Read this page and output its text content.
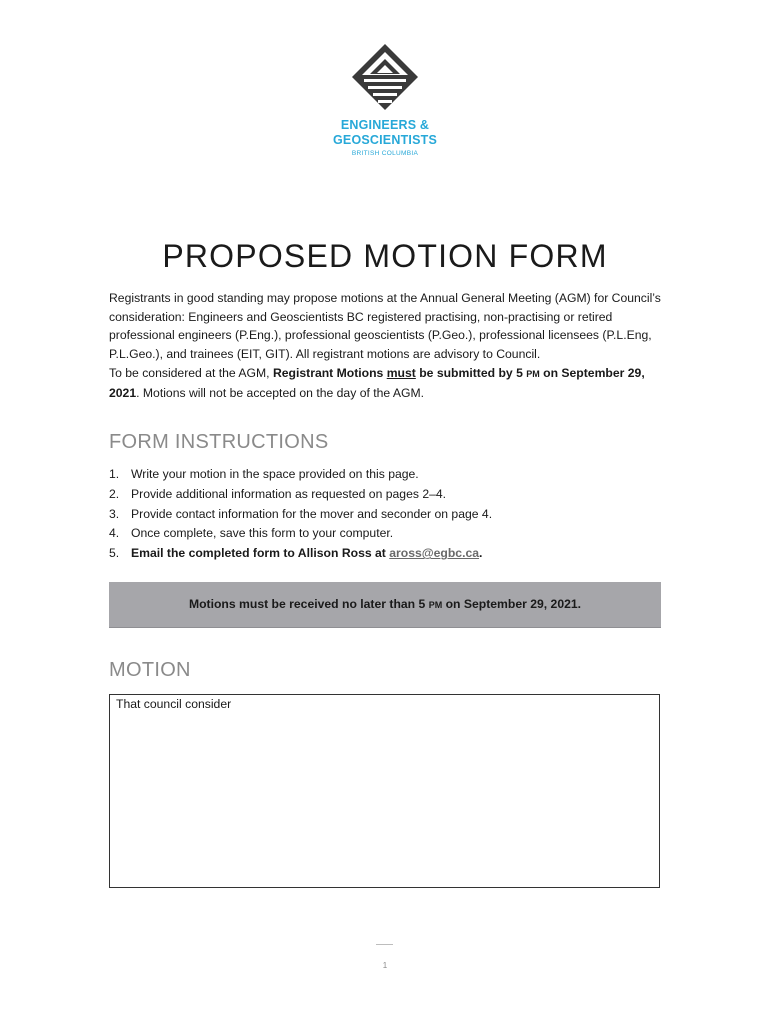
ENGINEERS &
GEOSCIENTISTS
BRITISH COLUMBIA
PROPOSED MOTION FORM

Registrants in good standing may propose motions at the Annual General Meeting (AGM) for Council’s consideration: Engineers and Geoscientists BC registered practising, non-practising or retired professional engineers (P.Eng.), professional geoscientists (P.Geo.), professional licensees (P.L.Eng, P.L.Geo.), and trainees (EIT, GIT). All registrant motions are advisory to Council.

To be considered at the AGM, Registrant Motions must be submitted by 5 PM on September 29, 2021. Motions will not be accepted on the day of the AGM.

FORM INSTRUCTIONS
1. Write your motion in the space provided on this page.
2. Provide additional information as requested on pages 2–4.
3. Provide contact information for the mover and seconder on page 4.
4. Once complete, save this form to your computer.
5. Email the completed form to Allison Ross at aross@egbc.ca.
Motions must be received no later than 5 PM on September 29, 2021.
MOTION
That council consider
1
